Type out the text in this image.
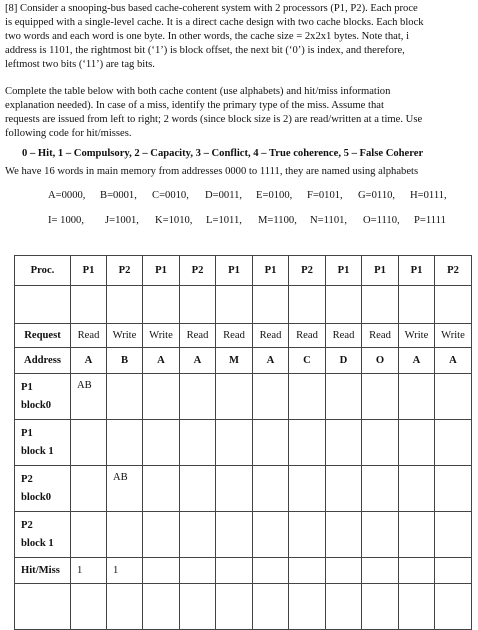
[8] Consider a snooping-bus based cache-coherent system with 2 processors (P1, P2). Each proce
is equipped with a single-level cache. It is a direct cache design with two cache blocks. Each block
two words and each word is one byte. In other words, the cache size = 2x2x1 bytes. Note that, i
address is 1101, the rightmost bit (‘1’) is block offset, the next bit (‘0’) is index, and therefore,
leftmost two bits (‘11’) are tag bits.
Complete the table below with both cache content (use alphabets) and hit/miss information
explanation needed). In case of a miss, identify the primary type of the miss. Assume that
requests are issued from left to right; 2 words (since block size is 2) are read/written at a time. Use
following code for hit/misses.
0 – Hit, 1 – Compulsory, 2 – Capacity, 3 – Conflict, 4 – True coherence, 5 – False Coherer
We have 16 words in main memory from addresses 0000 to 1111, they are named using alphabets
A=0000, B=0001, C=0010, D=0011, E=0100, F=0101, G=0110, H=0111,
I= 1000, J=1001, K=1010, L=1011, M=1100, N=1101, O=1110, P=1111
Proc.	P1	P2	P1	P2	P1	P1	P2	P1	P1	P1	P2

Request	Read	Write	Write	Read	Read	Read	Read	Read	Read	Write	Write
Address	A	B	A	A	M	A	C	D	O	A	A

P1
block0	AB										

P1
block 1											

P2
block0		AB									

P2
block 1											

Hit/Miss	1	1									
